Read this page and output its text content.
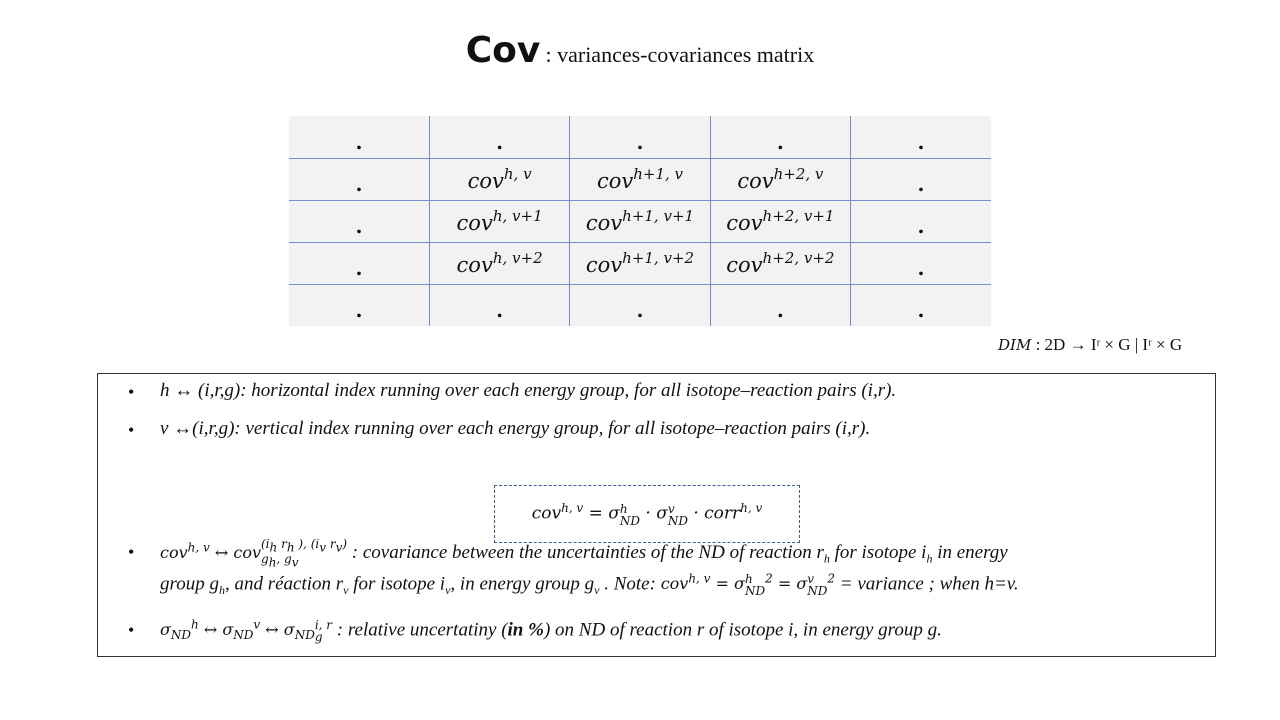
Cov : variances-covariances matrix
.	.	.	.	.
.	cov$^{h, v}$	cov$^{h+1, v}$	cov$^{h+2, v}$	.
.	cov$^{h, v+1}$	cov$^{h+1, v+1}$	cov$^{h+2, v+1}$	.
.	cov$^{h, v+2}$	cov$^{h+1, v+2}$	cov$^{h+2, v+2}$	.
.	.	.	.	.
DIM : 2D → Iʳ × G | Iʳ × G
• h ↔ (i,r,g): horizontal index running over each energy group, for all isotope–reaction pairs (i,r).
• v ↔(i,r,g): vertical index running over each energy group, for all isotope–reaction pairs (i,r).
cov$^{h, v}$ = σh
ND · σv
ND · corr$^{h, v}$
• cov$^{h, v}$ ↔ $cov(i_h$ $r_h$ ), ($i_v$ $r_v$)
$g_h$, $g_v$	: covariance between the uncertainties of the ND of reaction $r_h$ for isotope $i_h$ in energy
group $g_h$, and réaction $r_v$ for isotope $i_v$, in energy group $g_v$ . Note: cov$^{h, v}$ = σh
$ND^2 = \sigma v$
$ND^2$ = variance ; when h=v.
• $\sigma_{ND}^h$ ↔ $\sigma_{ND}^v$ ↔ $\sigma_{ND}i$, r
g : relative uncertatiny (in %) on ND of reaction r of isotope i, in energy group g.
